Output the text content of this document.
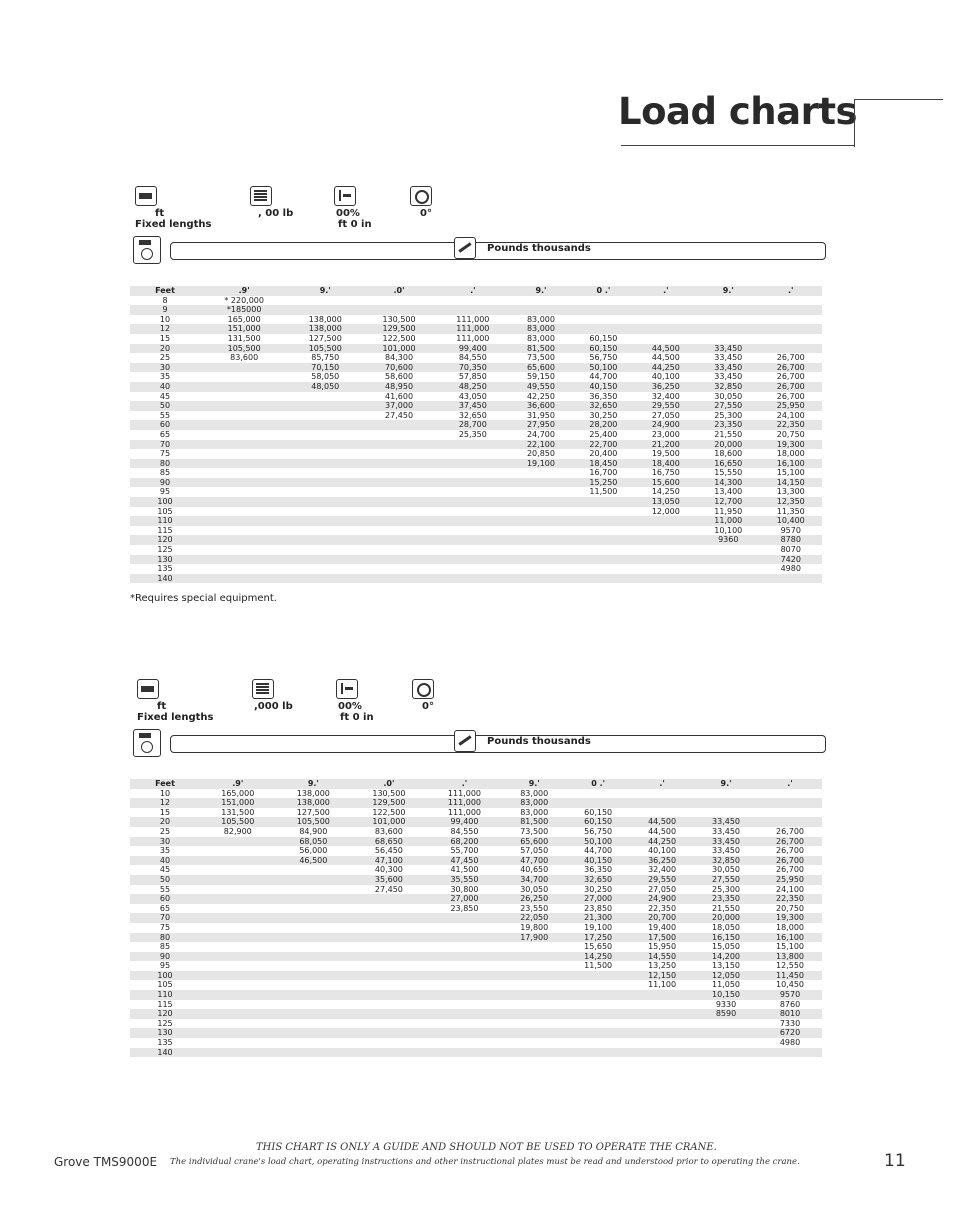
Load charts
ft
Fixed lengths
, 00 lb	00%
ft 0 in
0°
Pounds thousands
Feet	.9'	9.'	.0'	.'	9.'	0 .'	.'	9.'	.'
8	* 220,000								
9	*185000								
10	165,000	138,000	130,500	111,000	83,000				
12	151,000	138,000	129,500	111,000	83,000				
15	131,500	127,500	122,500	111,000	83,000	60,150			
20	105,500	105,500	101,000	99,400	81,500	60,150	44,500	33,450	
25	83,600	85,750	84,300	84,550	73,500	56,750	44,500	33,450	26,700
30		70,150	70,600	70,350	65,600	50,100	44,250	33,450	26,700
35		58,050	58,600	57,850	59,150	44,700	40,100	33,450	26,700
40		48,050	48,950	48,250	49,550	40,150	36,250	32,850	26,700
45			41,600	43,050	42,250	36,350	32,400	30,050	26,700
50			37,000	37,450	36,600	32,650	29,550	27,550	25,950
55			27,450	32,650	31,950	30,250	27,050	25,300	24,100
60				28,700	27,950	28,200	24,900	23,350	22,350
65				25,350	24,700	25,400	23,000	21,550	20,750
70					22,100	22,700	21,200	20,000	19,300
75					20,850	20,400	19,500	18,600	18,000
80					19,100	18,450	18,400	16,650	16,100
85						16,700	16,750	15,550	15,100
90						15,250	15,600	14,300	14,150
95						11,500	14,250	13,400	13,300
100							13,050	12,700	12,350
105							12,000	11,950	11,350
110								11,000	10,400
115								10,100	9570
120								9360	8780
125									8070
130									7420
135									4980
140									
*Requires special equipment.
ft
Fixed lengths
,000 lb	00%
ft 0 in
0°
Pounds thousands
Feet	.9'	9.'	.0'	.'	9.'	0 .'	.'	9.'	.'
10	165,000	138,000	130,500	111,000	83,000				
12	151,000	138,000	129,500	111,000	83,000				
15	131,500	127,500	122,500	111,000	83,000	60,150			
20	105,500	105,500	101,000	99,400	81,500	60,150	44,500	33,450	
25	82,900	84,900	83,600	84,550	73,500	56,750	44,500	33,450	26,700
30		68,050	68,650	68,200	65,600	50,100	44,250	33,450	26,700
35		56,000	56,450	55,700	57,050	44,700	40,100	33,450	26,700
40		46,500	47,100	47,450	47,700	40,150	36,250	32,850	26,700
45			40,300	41,500	40,650	36,350	32,400	30,050	26,700
50			35,600	35,550	34,700	32,650	29,550	27,550	25,950
55			27,450	30,800	30,050	30,250	27,050	25,300	24,100
60				27,000	26,250	27,000	24,900	23,350	22,350
65				23,850	23,550	23,850	22,350	21,550	20,750
70					22,050	21,300	20,700	20,000	19,300
75					19,800	19,100	19,400	18,050	18,000
80					17,900	17,250	17,500	16,150	16,100
85						15,650	15,950	15,050	15,100
90						14,250	14,550	14,200	13,800
95						11,500	13,250	13,150	12,550
100							12,150	12,050	11,450
105							11,100	11,050	10,450
110								10,150	9570
115								9330	8760
120								8590	8010
125									7330
130									6720
135									4980
140									
THIS CHART IS ONLY A GUIDE AND SHOULD NOT BE USED TO OPERATE THE CRANE.
Grove TMS9000E The individual crane's load chart, operating instructions and other instructional plates must be read and understood prior to operating the crane.	11
